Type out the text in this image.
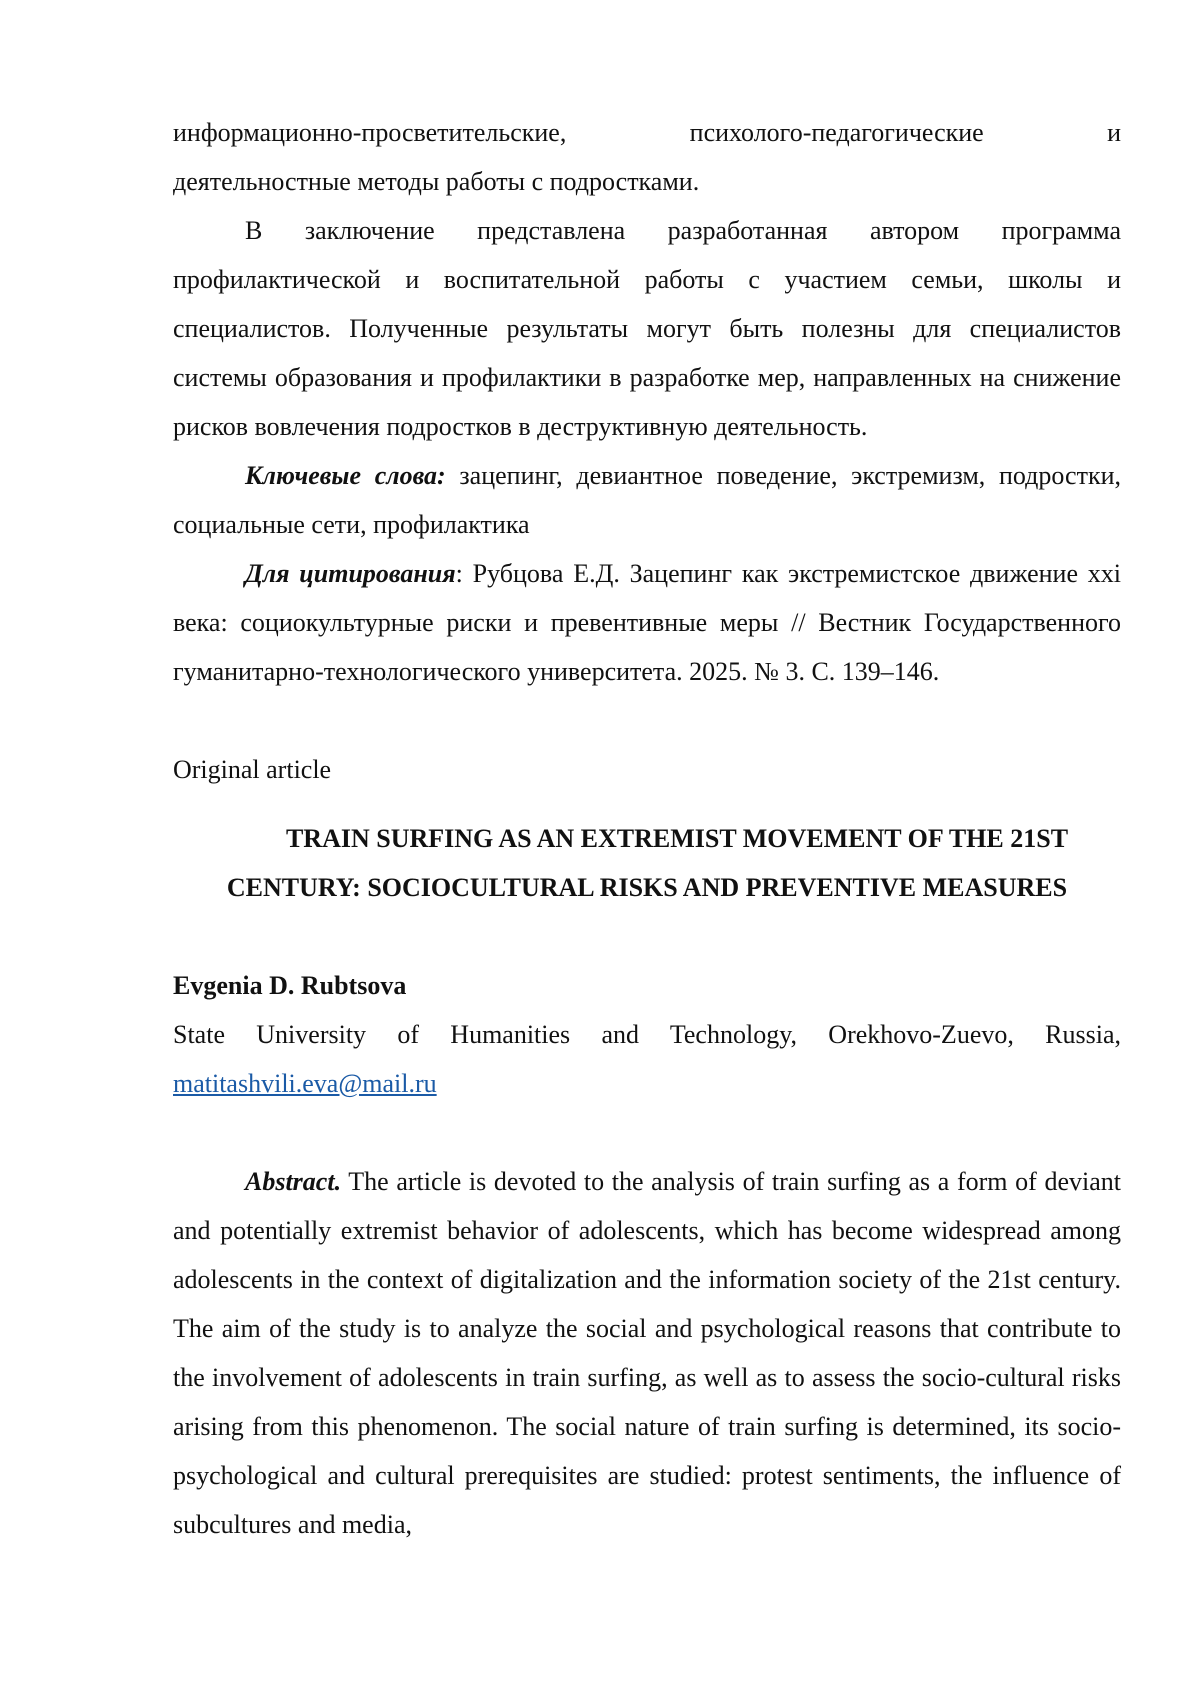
информационно-просветительские, психолого-педагогические и

деятельностные методы работы с подростками.

В заключение представлена разработанная автором программа профилактической и воспитательной работы с участием семьи, школы и специалистов. Полученные результаты могут быть полезны для специалистов системы образования и профилактики в разработке мер, направленных на снижение рисков вовлечения подростков в деструктивную деятельность.

Ключевые слова: зацепинг, девиантное поведение, экстремизм, подростки, социальные сети, профилактика

Для цитирования: Рубцова Е.Д. Зацепинг как экстремистское движение xxi века: социокультурные риски и превентивные меры // Вестник Государственного гуманитарно-технологического университета. 2025. № 3. С. 139–146.

Original article

TRAIN SURFING AS AN EXTREMIST MOVEMENT OF THE 21ST

CENTURY: SOCIOCULTURAL RISKS AND PREVENTIVE MEASURES

Evgenia D. Rubtsova

State University of Humanities and Technology, Orekhovo-Zuevo, Russia,

matitashvili.eva@mail.ru

Abstract. The article is devoted to the analysis of train surfing as a form of deviant and potentially extremist behavior of adolescents, which has become widespread among adolescents in the context of digitalization and the information society of the 21st century. The aim of the study is to analyze the social and psychological reasons that contribute to the involvement of adolescents in train surfing, as well as to assess the socio-cultural risks arising from this phenomenon. The social nature of train surfing is determined, its socio-psychological and cultural prerequisites are studied: protest sentiments, the influence of subcultures and media,
